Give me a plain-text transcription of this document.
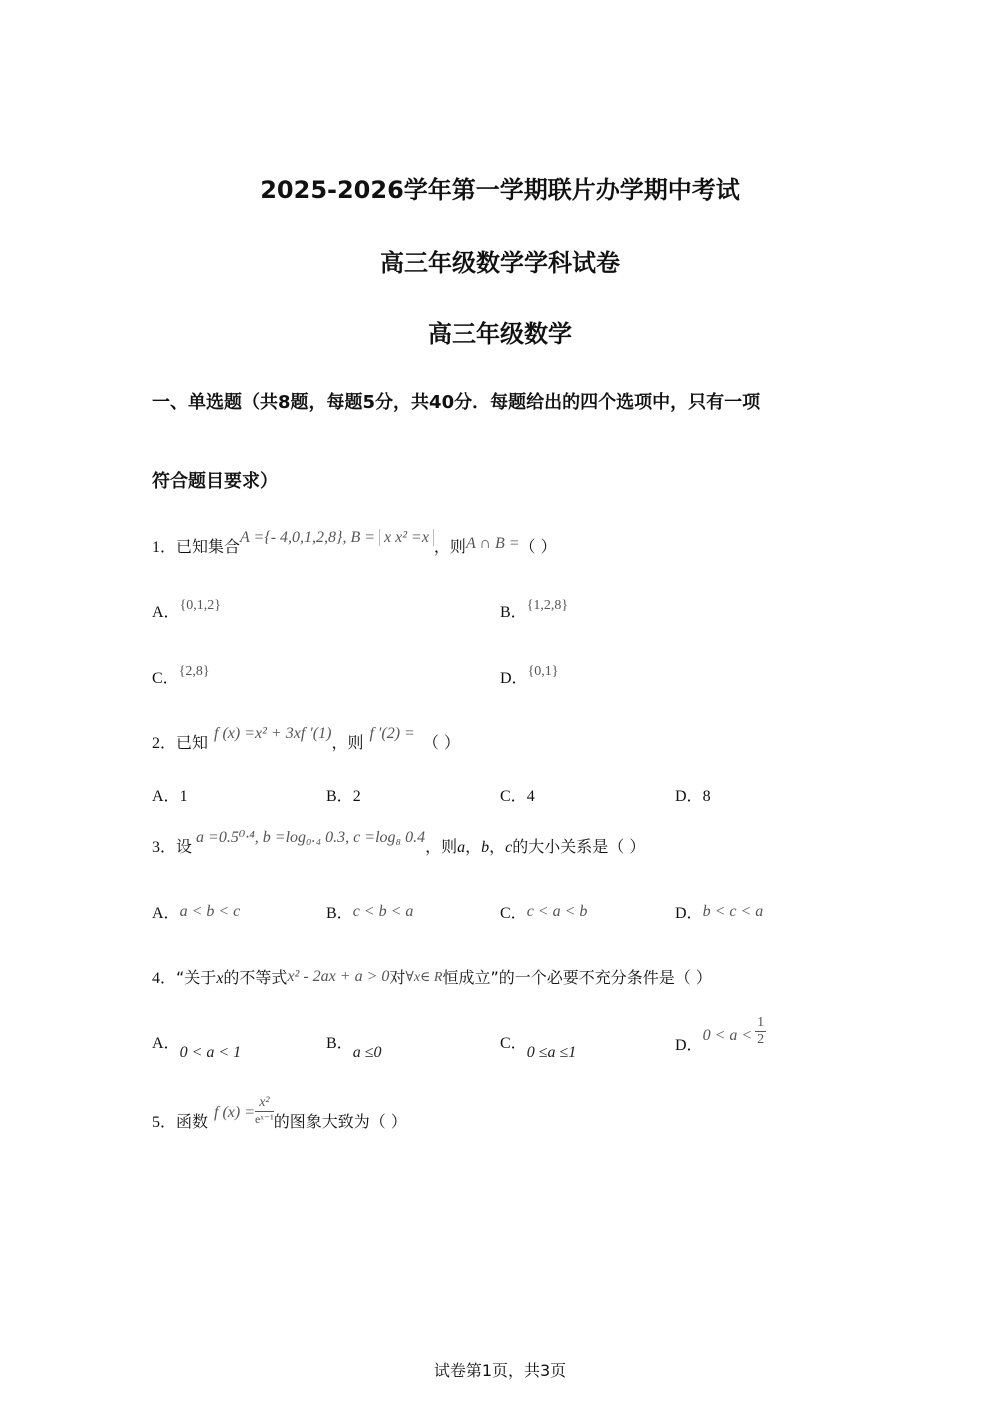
2025-2026学年第一学期联片办学期中考试
高三年级数学学科试卷
高三年级数学
一、单选题（共8题，每题5分，共40分．每题给出的四个选项中，只有一项
符合题目要求）
1．已知集合A ={- 4,0,1,2,8}, B = x x² =x ，则A ∩ B =（ ）
A．{0,1,2}	B．{1,2,8}
C．{2,8}	D．{0,1}
2．已知 f (x) =x² + 3xf ′(1)，则 f ′(2) = （ ）
A．1	B．2	C．4	D．8
3．设 a =0.5⁰·⁴, b =log₀.₄ 0.3, c =log₈ 0.4，则a，b，c的大小关系是（ ）
A．a < b < c	B．c < b < a	C．c < a < b	D．b < c < a
4．“关于x的不等式x² - 2ax + a > 0对∀x∈ R恒成立”的一个必要不充分条件是（ ）
A．0 < a < 1
B．a ≤0
C．0 ≤a ≤1	D．$0 < a < \frac{1}{2}$
5．函数 f $(x) = \frac{\text{x²}}{\text{eˣ⁻¹}}$ 的图象大致为（ ）
试卷第1页，共3页
